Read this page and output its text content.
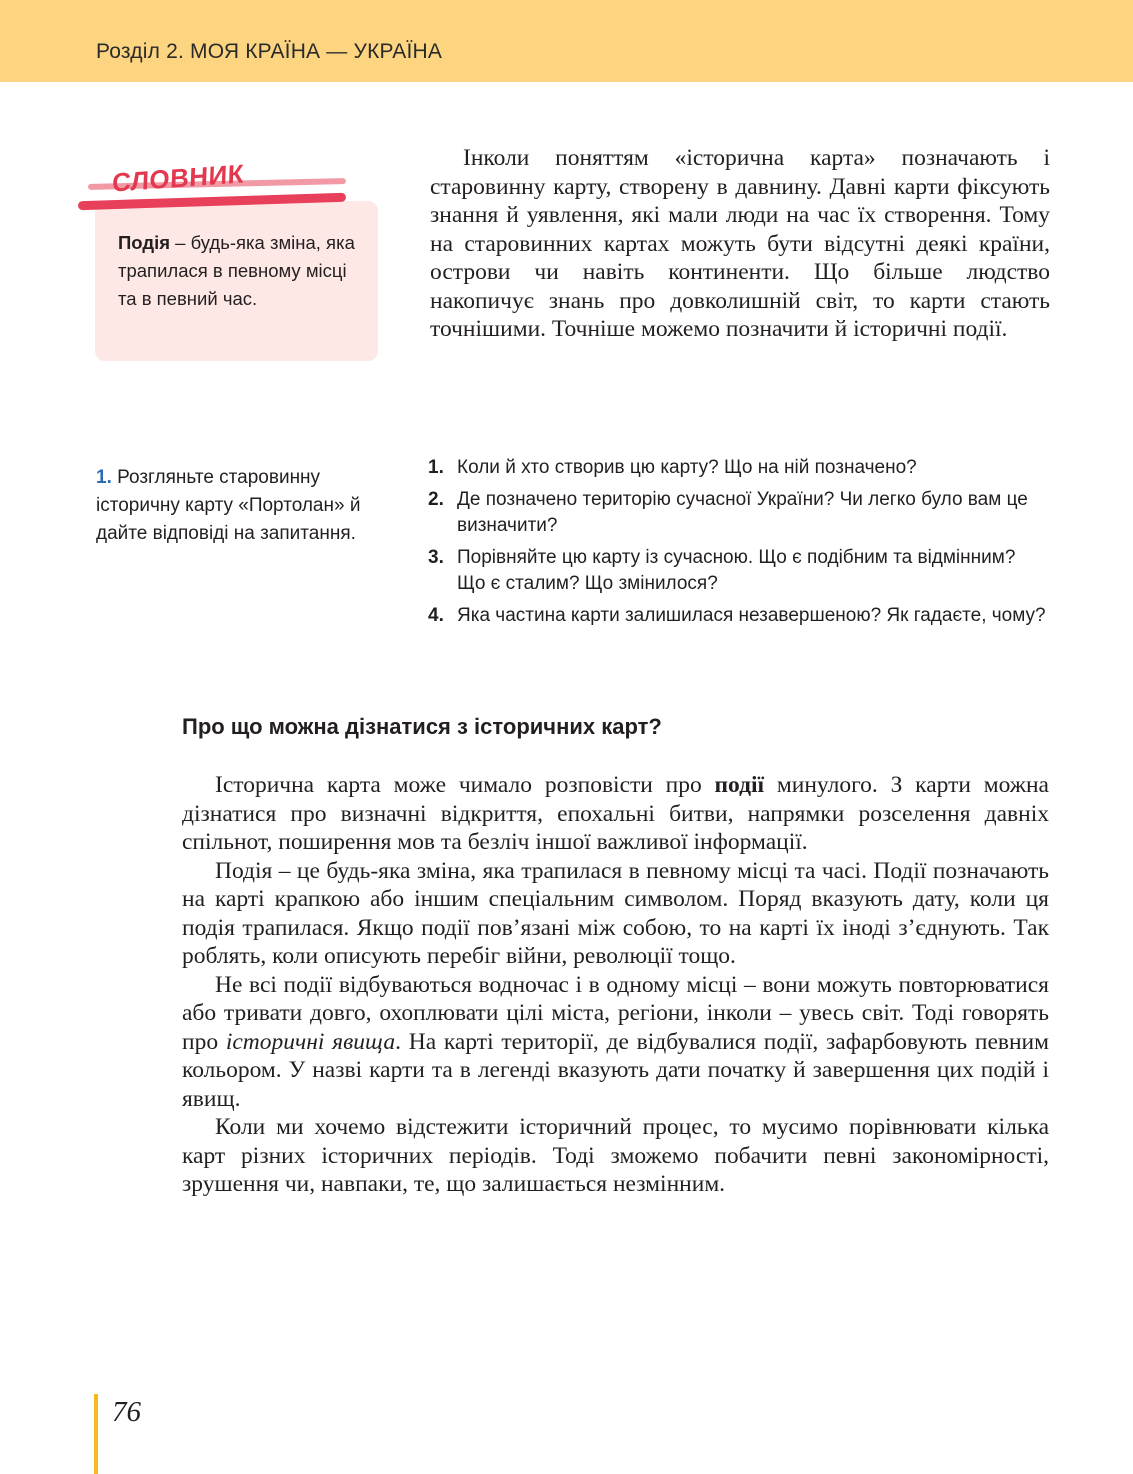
Розділ 2. МОЯ КРАЇНА — УКРАЇНА
СЛОВНИК
Подія – будь-яка зміна, яка трапилася в певному місці та в певний час.

Інколи поняттям «історична карта» позначають і старовинну карту, створену в давнину. Давні карти фіксують знання й уявлення, які мали люди на час їх створення. Тому на старовинних картах можуть бути відсутні деякі країни, острови чи навіть континенти. Що більше людство накопичує знань про довколишній світ, то карти стають точнішими. Точніше можемо позначити й історичні події.

1. Розгляньте старовинну історичну карту «Портолан» й дайте відповіді на запитання.
1. Коли й хто створив цю карту? Що на ній позначено?
2. Де позначено територію сучасної України? Чи легко було вам це визначити?
3. Порівняйте цю карту із сучасною. Що є подібним та відмінним? Що є сталим? Що змінилося?
4. Яка частина карти залишилася незавершеною? Як гадаєте, чому?
Про що можна дізнатися з історичних карт?

Історична карта може чимало розповісти про події минулого. З карти можна дізнатися про визначні відкриття, епохальні битви, напрямки розселення давніх спільнот, поширення мов та безліч іншої важливої інформації.

Подія – це будь-яка зміна, яка трапилася в певному місці та часі. Події позначають на карті крапкою або іншим спеціальним символом. Поряд вказують дату, коли ця подія трапилася. Якщо події пов’язані між собою, то на карті їх іноді з’єднують. Так роблять, коли описують перебіг війни, революції тощо.

Не всі події відбуваються водночас і в одному місці – вони можуть повторюватися або тривати довго, охоплювати цілі міста, регіони, інколи – увесь світ. Тоді говорять про історичні явища. На карті території, де відбувалися події, зафарбовують певним кольором. У назві карти та в легенді вказують дати початку й завершення цих подій і явищ.

Коли ми хочемо відстежити історичний процес, то мусимо порівнювати кілька карт різних історичних періодів. Тоді зможемо побачити певні закономірності, зрушення чи, навпаки, те, що залишається незмінним.

76
